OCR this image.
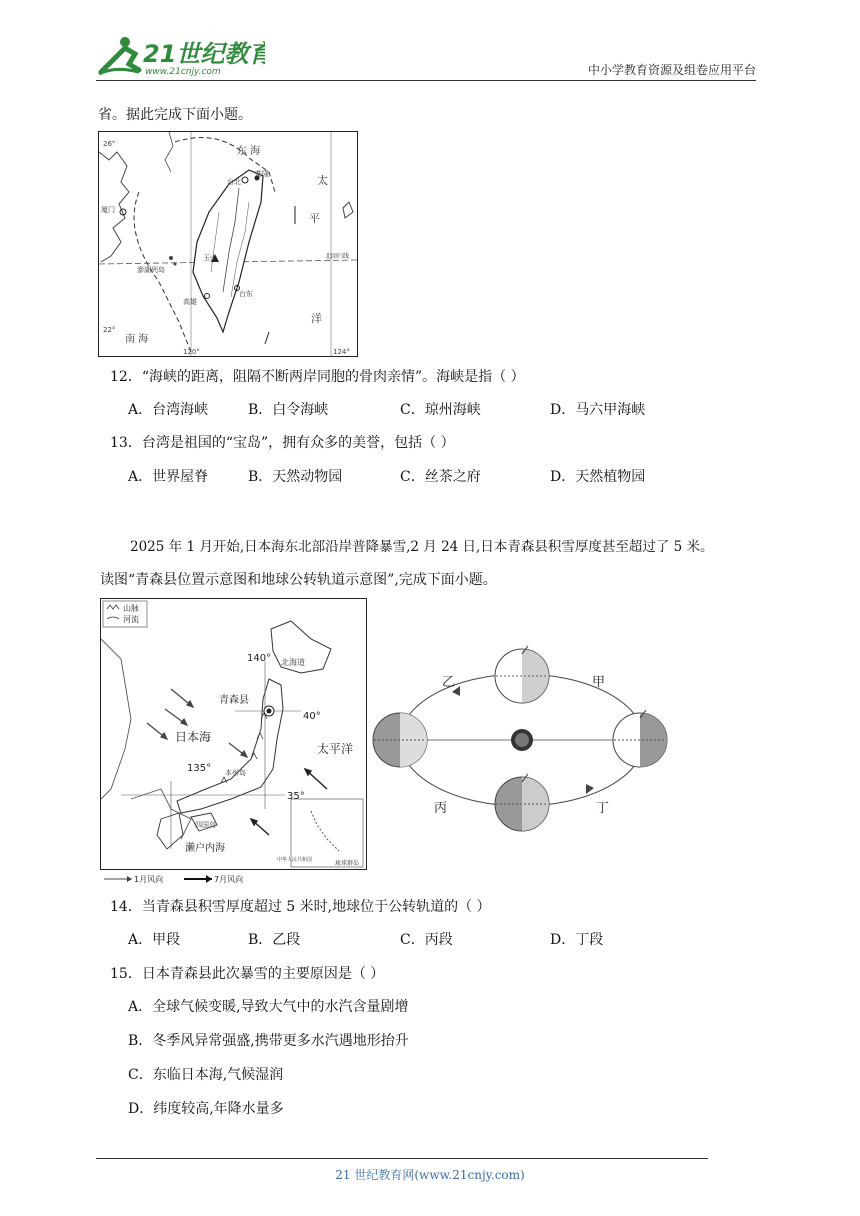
21世纪教育
www.21cnjy.com	中小学教育资源及组卷应用平台
省。据此完成下面小题。
26°
22°
120°	124°
东 海
太
平
洋
南 海
台北
基隆
厦门
玉山
台东
高雄
澎湖列岛
北回归线
12．“海峡的距离，阻隔不断两岸同胞的骨肉亲情”。海峡是指（ ）
A．台湾海峡	B．白令海峡	C．琼州海峡	D．马六甲海峡
13．台湾是祖国的“宝岛”，拥有众多的美誉，包括（ ）
A．世界屋脊	B．天然动物园	C．丝茶之府	D．天然植物园
2025 年 1 月开始,日本海东北部沿岸普降暴雪,2 月 24 日,日本青森县积雪厚度甚至超过了 5 米。
读图“青森县位置示意图和地球公转轨道示意图”,完成下面小题。
山脉
河流
140° 北海道
青森县
40°
日本海
太平洋
135°
35°
本州岛
四国岛
濑户内海
中华人民共和国	琉球群岛
1月风向	7月风向
乙	甲
丙	丁
14．当青森县积雪厚度超过 5 米时,地球位于公转轨道的（ ）
A．甲段	B．乙段	C．丙段	D．丁段
15．日本青森县此次暴雪的主要原因是（ ）
A．全球气候变暖,导致大气中的水汽含量剧增
B．冬季风异常强盛,携带更多水汽遇地形抬升
C．东临日本海,气候湿润
D．纬度较高,年降水量多
21 世纪教育网(www.21cnjy.com)
